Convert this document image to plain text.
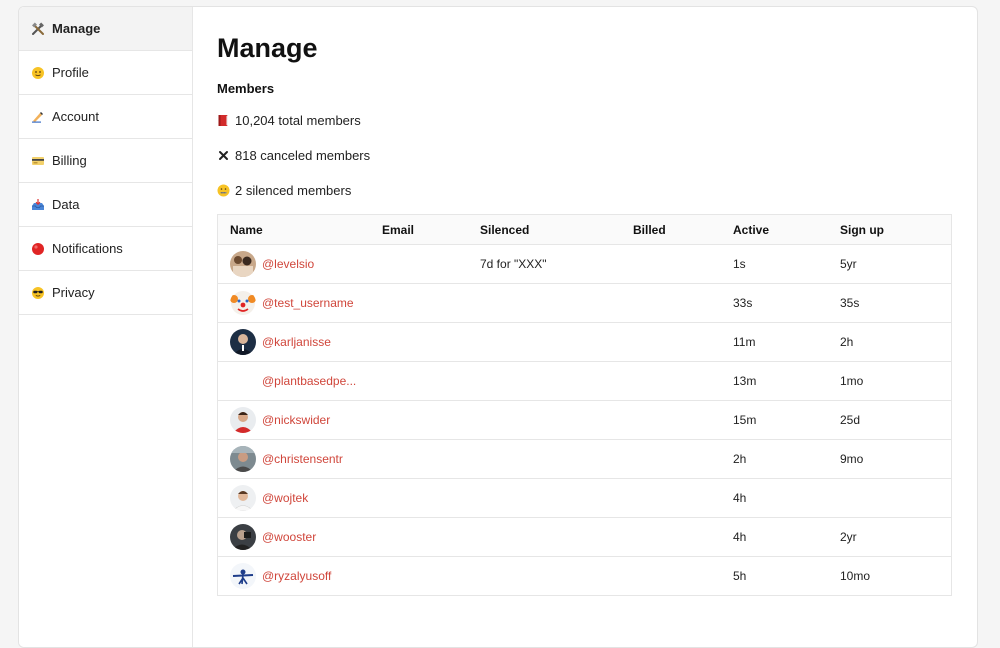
Manage
Profile
Account
Billing
Data
Notifications
Privacy
Manage
Members
10,204 total members
818 canceled members
2 silenced members
Name	Email	Silenced	Billed	Active	Sign up

@levelsio		7d for "XXX"		1s	5yr

@test_username				33s	35s

@karljanisse				11m	2h

@plantbasedpe...				13m	1mo

@nickswider				15m	25d

@christensentr				2h	9mo

@wojtek				4h	

@wooster				4h	2yr

@ryzalyusoff				5h	10mo
